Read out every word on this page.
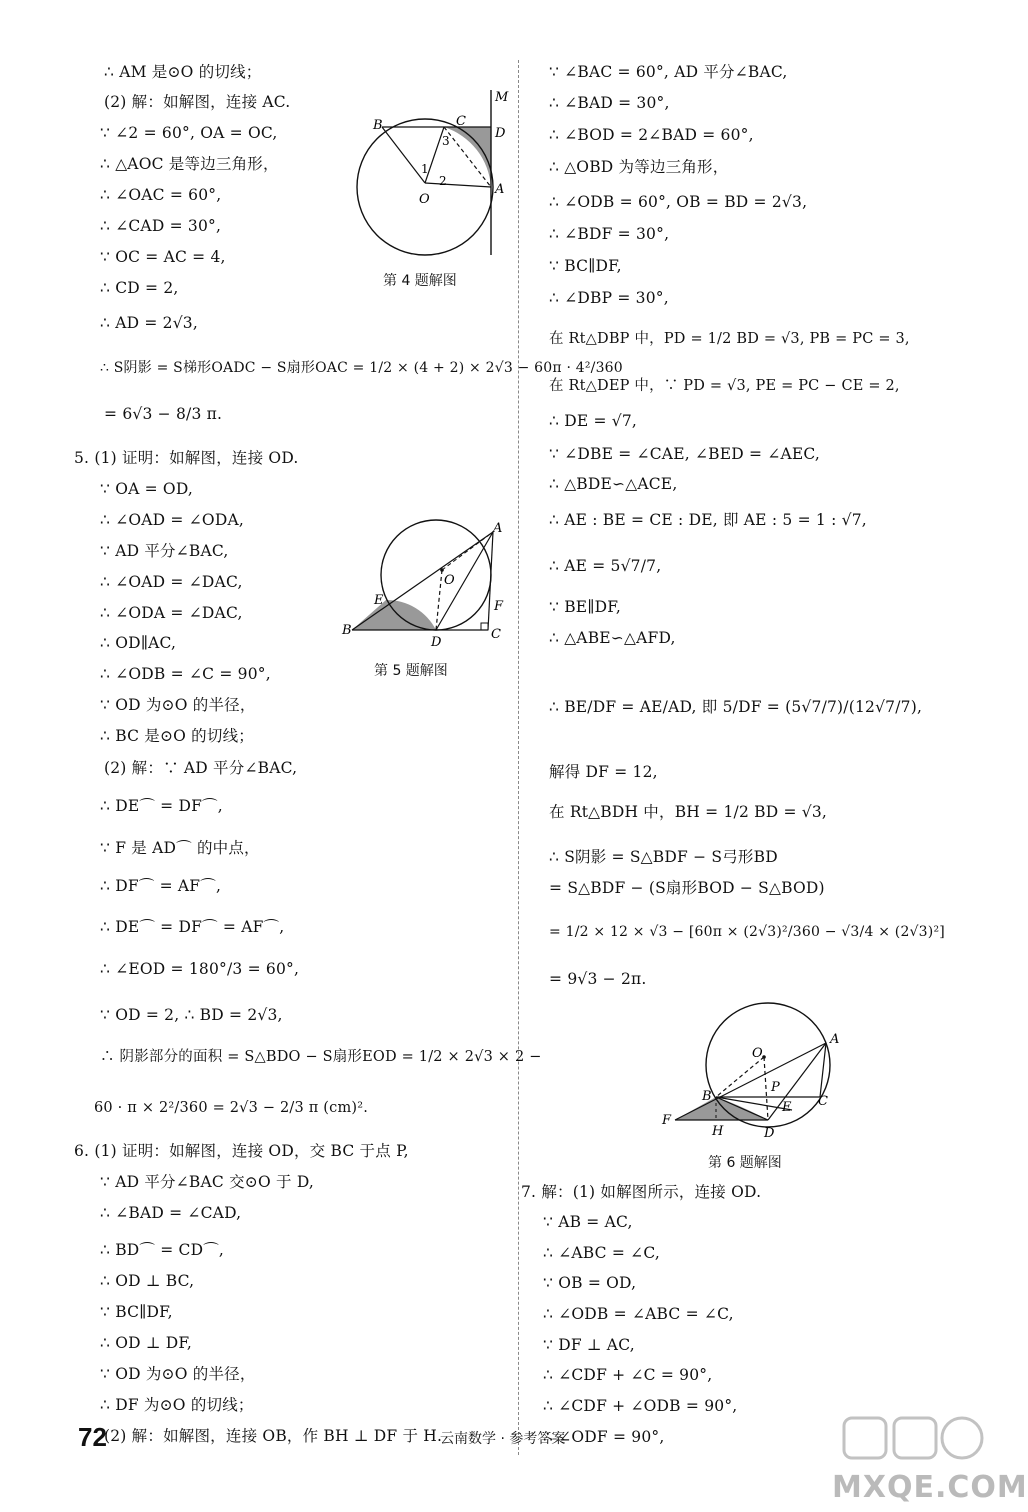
∴ AM 是⊙O 的切线；
(2) 解：如解图，连接 AC.
∵ ∠2 = 60°, OA = OC,
∴ △AOC 是等边三角形，
∴ ∠OAC = 60°,
∴ ∠CAD = 30°,
∵ OC = AC = 4,
∴ CD = 2,
∴ AD = 2√3,
∴ S阴影 = S梯形OADC − S扇形OAC = 1/2 × (4 + 2) × 2√3 − 60π · 4²/360
= 6√3 − 8/3 π.
5. (1) 证明：如解图，连接 OD.
∵ OA = OD,
∴ ∠OAD = ∠ODA,
∵ AD 平分∠BAC,
∴ ∠OAD = ∠DAC,
∴ ∠ODA = ∠DAC,
∴ OD∥AC,
∴ ∠ODB = ∠C = 90°,
∵ OD 为⊙O 的半径，
∴ BC 是⊙O 的切线；
(2) 解：∵ AD 平分∠BAC,
∴ DE⌒ = DF⌒,
∵ F 是 AD⌒ 的中点，
∴ DF⌒ = AF⌒,
∴ DE⌒ = DF⌒ = AF⌒,
∴ ∠EOD = 180°/3 = 60°,
∵ OD = 2, ∴ BD = 2√3,
∴ 阴影部分的面积 = S△BDO − S扇形EOD = 1/2 × 2√3 × 2 −
60 · π × 2²/360 = 2√3 − 2/3 π (cm)².
6. (1) 证明：如解图，连接 OD，交 BC 于点 P,
∵ AD 平分∠BAC 交⊙O 于 D,
∴ ∠BAD = ∠CAD,
∴ BD⌒ = CD⌒,
∴ OD ⊥ BC,
∵ BC∥DF,
∴ OD ⊥ DF,
∵ OD 为⊙O 的半径，
∴ DF 为⊙O 的切线；
(2) 解：如解图，连接 OB，作 BH ⊥ DF 于 H.
∵ ∠BAC = 60°, AD 平分∠BAC,
∴ ∠BAD = 30°,
∴ ∠BOD = 2∠BAD = 60°,
∴ △OBD 为等边三角形，
∴ ∠ODB = 60°, OB = BD = 2√3,
∴ ∠BDF = 30°,
∵ BC∥DF,
∴ ∠DBP = 30°,
在 Rt△DBP 中，PD = 1/2 BD = √3, PB = PC = 3,
在 Rt△DEP 中，∵ PD = √3, PE = PC − CE = 2,
∴ DE = √7,
∵ ∠DBE = ∠CAE, ∠BED = ∠AEC,
∴ △BDE∽△ACE,
∴ AE : BE = CE : DE, 即 AE : 5 = 1 : √7,
∴ AE = 5√7/7,
∵ BE∥DF,
∴ △ABE∽△AFD,
∴ BE/DF = AE/AD, 即 5/DF = (5√7/7)/(12√7/7),
解得 DF = 12,
在 Rt△BDH 中，BH = 1/2 BD = √3,
∴ S阴影 = S△BDF − S弓形BD
= S△BDF − (S扇形BOD − S△BOD)
= 1/2 × 12 × √3 − [60π × (2√3)²/360 − √3/4 × (2√3)²]
= 9√3 − 2π.
7. 解：(1) 如解图所示，连接 OD.
∵ AB = AC,
∴ ∠ABC = ∠C,
∵ OB = OD,
∴ ∠ODB = ∠ABC = ∠C,
∵ DF ⊥ AC,
∴ ∠CDF + ∠C = 90°,
∴ ∠CDF + ∠ODB = 90°,
∴ ∠ODF = 90°,
M
B	C
D
3
1
2
O
A
第 4 题解图
A
O
E	F
B
D
C
第 5 题解图
A
O
P
B
E C
F
H	D
第 6 题解图
72	云南数学 · 参考答案
MXQE.COM
